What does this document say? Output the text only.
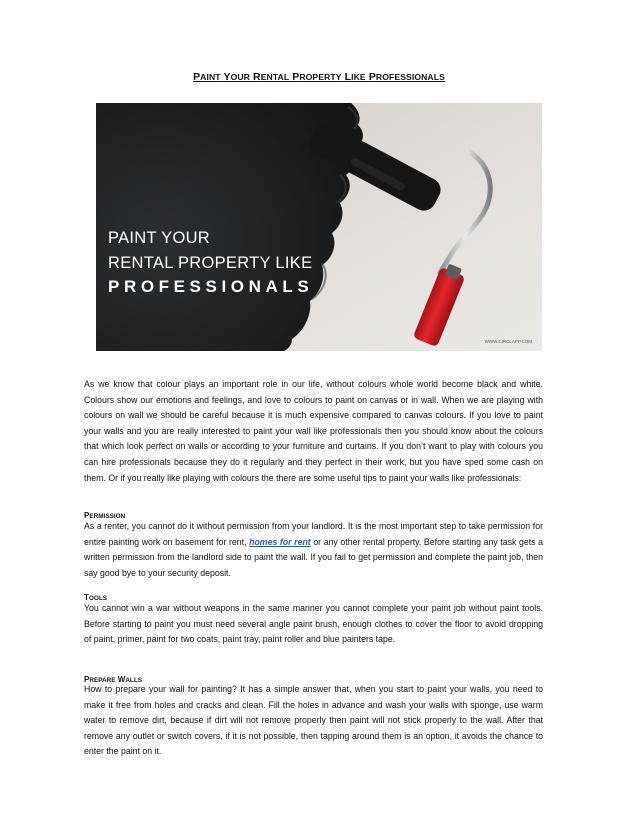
PAINT YOUR RENTAL PROPERTY LIKE PROFESSIONALS
PAINT YOUR
RENTAL PROPERTY LIKE
PROFESSIONALS
WWW.CIRCLAPP.COM
As we know that colour plays an important role in our life, without colours whole world become black and white. Colours show our emotions and feelings, and love to colours to paint on canvas or in wall. When we are playing with colours on wall we should be careful because it is much expensive compared to canvas colours. If you love to paint your walls and you are really interested to paint your wall like professionals then you should know about the colours that which look perfect on walls or according to your furniture and curtains. If you don’t want to play with colours you can hire professionals because they do it regularly and they perfect in their work, but you have sped some cash on them. Or if you really like playing with colours the there are some useful tips to paint your walls like professionals:
PERMISSION
As a renter, you cannot do it without permission from your landlord. It is the most important step to take permission for entire painting work on basement for rent, homes for rent or any other rental property. Before starting any task gets a written permission from the landlord side to paint the wall. If you fail to get permission and complete the paint job, then say good bye to your security deposit.
TOOLS
You cannot win a war without weapons in the same manner you cannot complete your paint job without paint tools. Before starting to paint you must need several angle paint brush, enough clothes to cover the floor to avoid dropping of paint, primer, paint for two coats, paint tray, paint roller and blue painters tape.
PREPARE WALLS
How to prepare your wall for painting? It has a simple answer that, when you start to paint your walls, you need to make it free from holes and cracks and clean. Fill the holes in advance and wash your walls with sponge, use warm water to remove dirt, because if dirt will not remove properly then paint will not stick properly to the wall. After that remove any outlet or switch covers, if it is not possible, then tapping around them is an option, it avoids the chance to enter the paint on it.
